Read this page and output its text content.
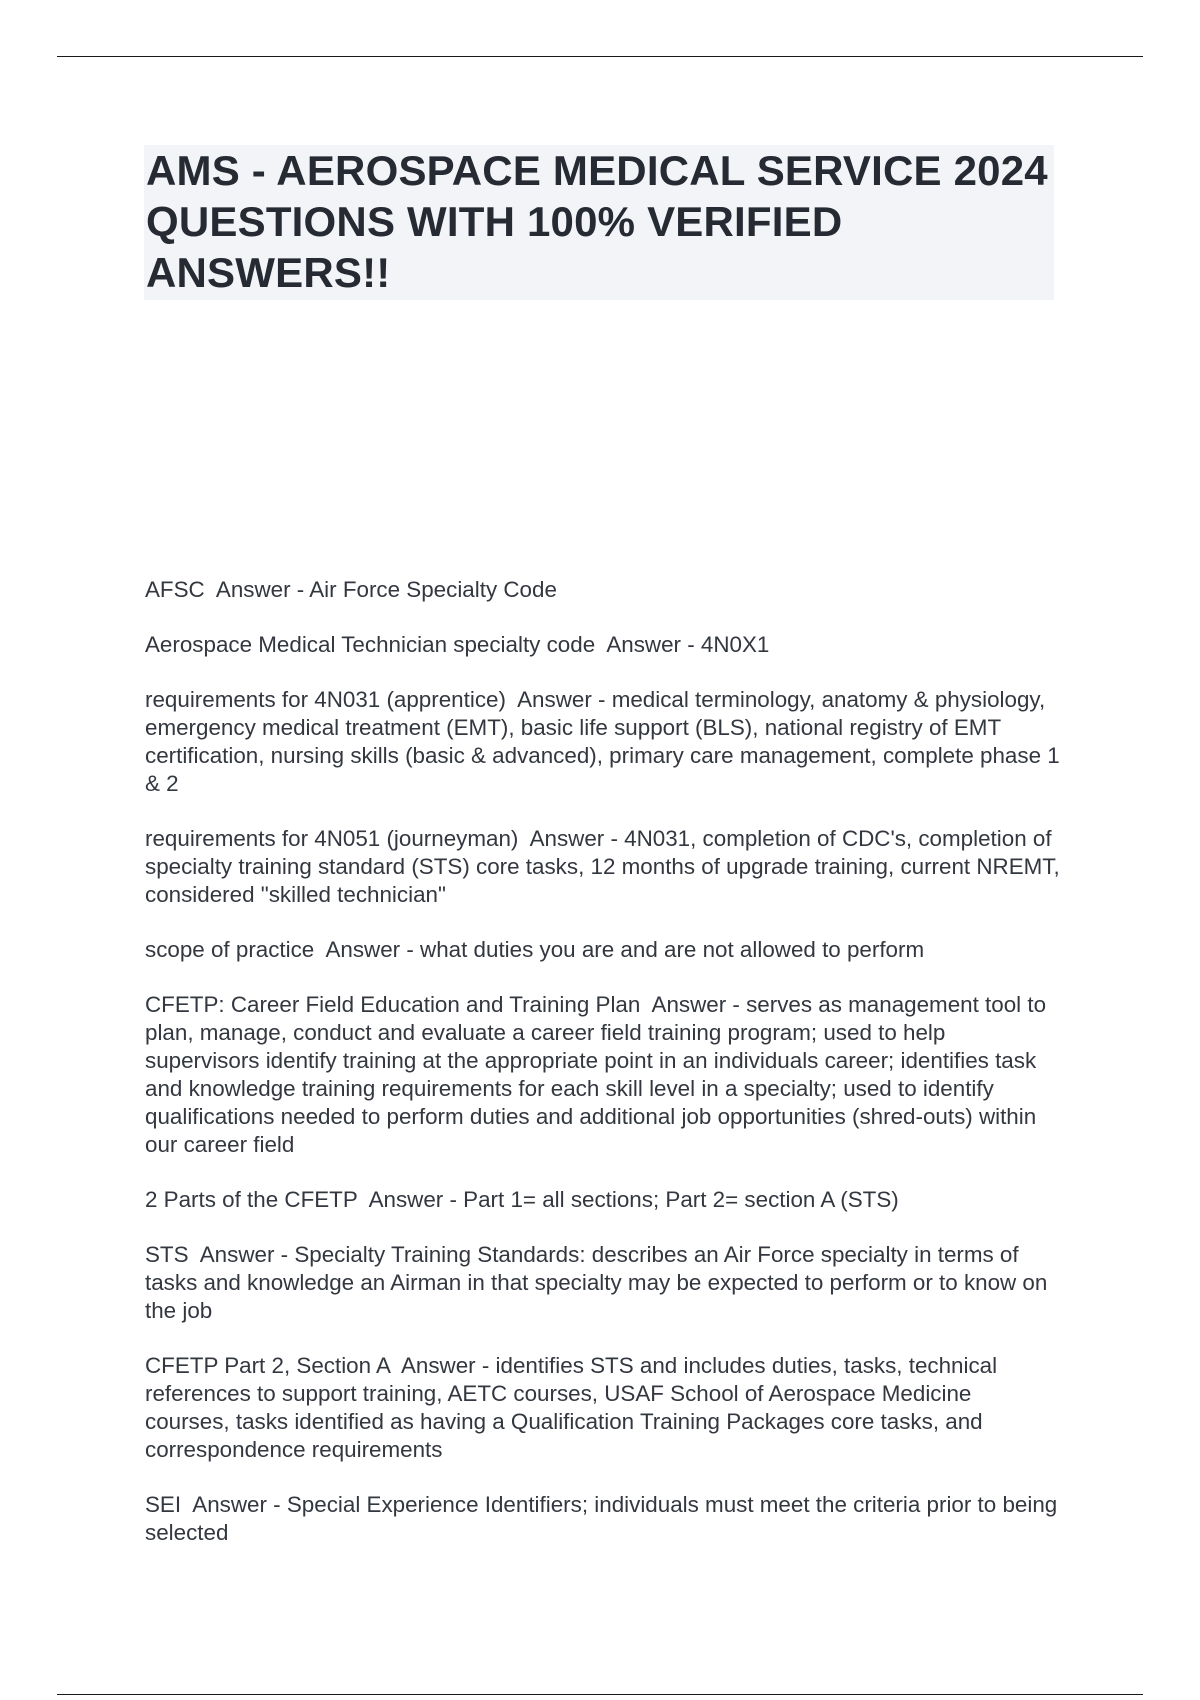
AMS - AEROSPACE MEDICAL SERVICE 2024 QUESTIONS WITH 100% VERIFIED ANSWERS!!

AFSC  Answer - Air Force Specialty Code

Aerospace Medical Technician specialty code  Answer - 4N0X1

requirements for 4N031 (apprentice)  Answer - medical terminology, anatomy & physiology, emergency medical treatment (EMT), basic life support (BLS), national registry of EMT certification, nursing skills (basic & advanced), primary care management, complete phase 1 & 2

requirements for 4N051 (journeyman)  Answer - 4N031, completion of CDC's, completion of specialty training standard (STS) core tasks, 12 months of upgrade training, current NREMT, considered "skilled technician"

scope of practice  Answer - what duties you are and are not allowed to perform

CFETP: Career Field Education and Training Plan  Answer - serves as management tool to plan, manage, conduct and evaluate a career field training program; used to help supervisors identify training at the appropriate point in an individuals career; identifies task and knowledge training requirements for each skill level in a specialty; used to identify qualifications needed to perform duties and additional job opportunities (shred-outs) within our career field

2 Parts of the CFETP  Answer - Part 1= all sections; Part 2= section A (STS)

STS  Answer - Specialty Training Standards: describes an Air Force specialty in terms of tasks and knowledge an Airman in that specialty may be expected to perform or to know on the job

CFETP Part 2, Section A  Answer - identifies STS and includes duties, tasks, technical references to support training, AETC courses, USAF School of Aerospace Medicine courses, tasks identified as having a Qualification Training Packages core tasks, and correspondence requirements

SEI  Answer - Special Experience Identifiers; individuals must meet the criteria prior to being selected
